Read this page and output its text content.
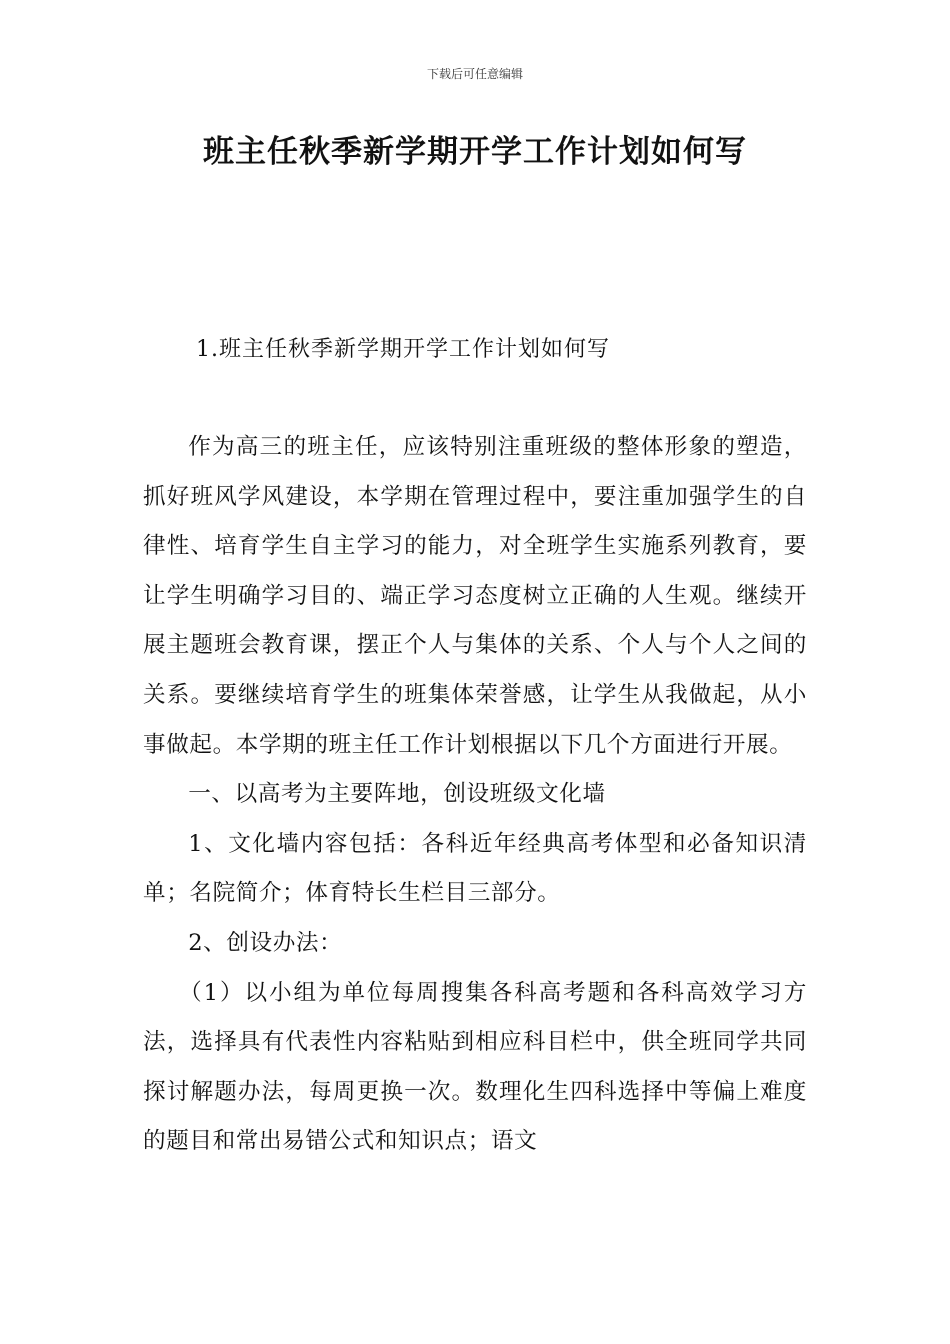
下载后可任意编辑
班主任秋季新学期开学工作计划如何写
1.班主任秋季新学期开学工作计划如何写

作为高三的班主任，应该特别注重班级的整体形象的塑造，抓好班风学风建设，本学期在管理过程中，要注重加强学生的自律性、培育学生自主学习的能力，对全班学生实施系列教育，要让学生明确学习目的、端正学习态度树立正确的人生观。继续开展主题班会教育课，摆正个人与集体的关系、个人与个人之间的关系。要继续培育学生的班集体荣誉感，让学生从我做起，从小事做起。本学期的班主任工作计划根据以下几个方面进行开展。

一、以高考为主要阵地，创设班级文化墙

1、文化墙内容包括：各科近年经典高考体型和必备知识清单；名院简介；体育特长生栏目三部分。

2、创设办法：

（1）以小组为单位每周搜集各科高考题和各科高效学习方法，选择具有代表性内容粘贴到相应科目栏中，供全班同学共同探讨解题办法，每周更换一次。数理化生四科选择中等偏上难度的题目和常出易错公式和知识点；语文
